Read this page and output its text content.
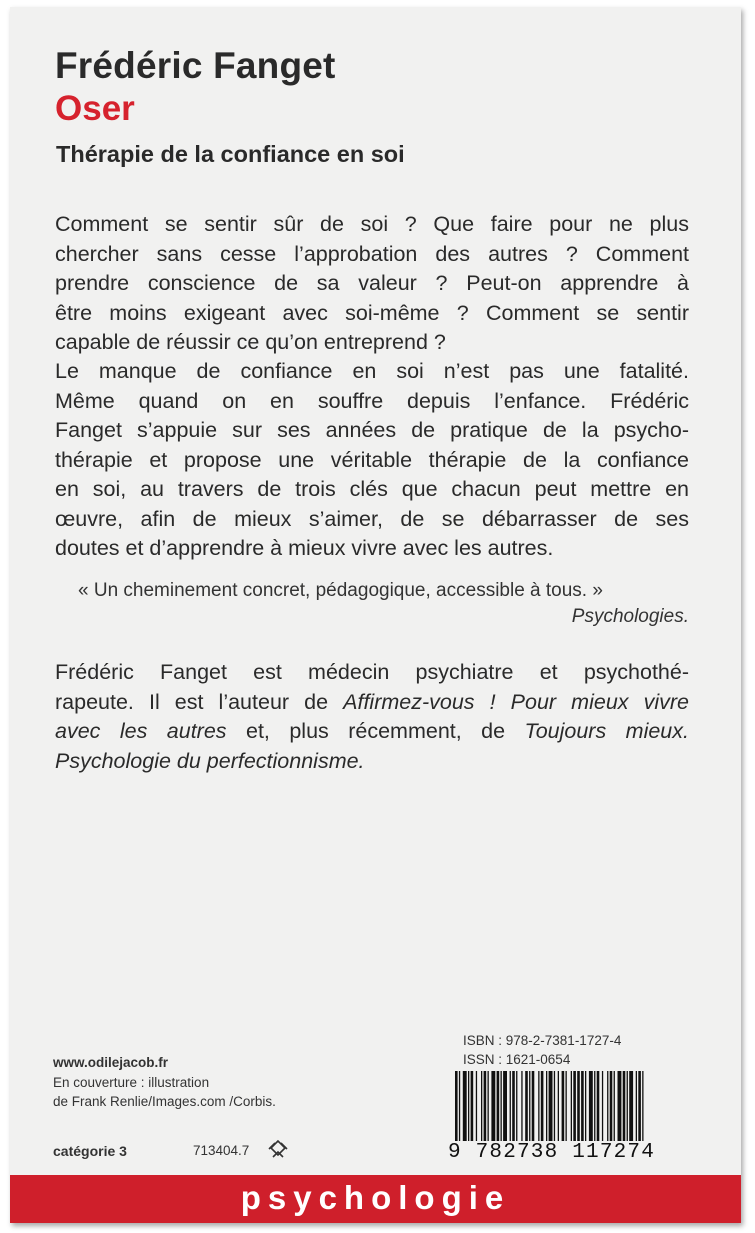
Frédéric Fanget
Oser
Thérapie de la confiance en soi

Comment se sentir sûr de soi ? Que faire pour ne plus
chercher sans cesse l’approbation des autres ? Comment
prendre conscience de sa valeur ? Peut-on apprendre à
être moins exigeant avec soi-même ? Comment se sentir
capable de réussir ce qu’on entreprend ?

Le manque de confiance en soi n’est pas une fatalité.
Même quand on en souffre depuis l’enfance. Frédéric
Fanget s’appuie sur ses années de pratique de la psycho-
thérapie et propose une véritable thérapie de la confiance
en soi, au travers de trois clés que chacun peut mettre en
œuvre, afin de mieux s’aimer, de se débarrasser de ses
doutes et d’apprendre à mieux vivre avec les autres.

« Un cheminement concret, pédagogique, accessible à tous. »
Psychologies.

Frédéric Fanget est médecin psychiatre et psychothé-
rapeute. Il est l’auteur de Affirmez-vous ! Pour mieux vivre
avec les autres et, plus récemment, de Toujours mieux.
Psychologie du perfectionnisme.

www.odilejacob.fr
En couverture : illustration
de Frank Renlie/Images.com /Corbis.
catégorie 3	713404.7
ISBN : 978-2-7381-1727-4
ISSN : 1621-0654
9 782738 117274
psychologie
